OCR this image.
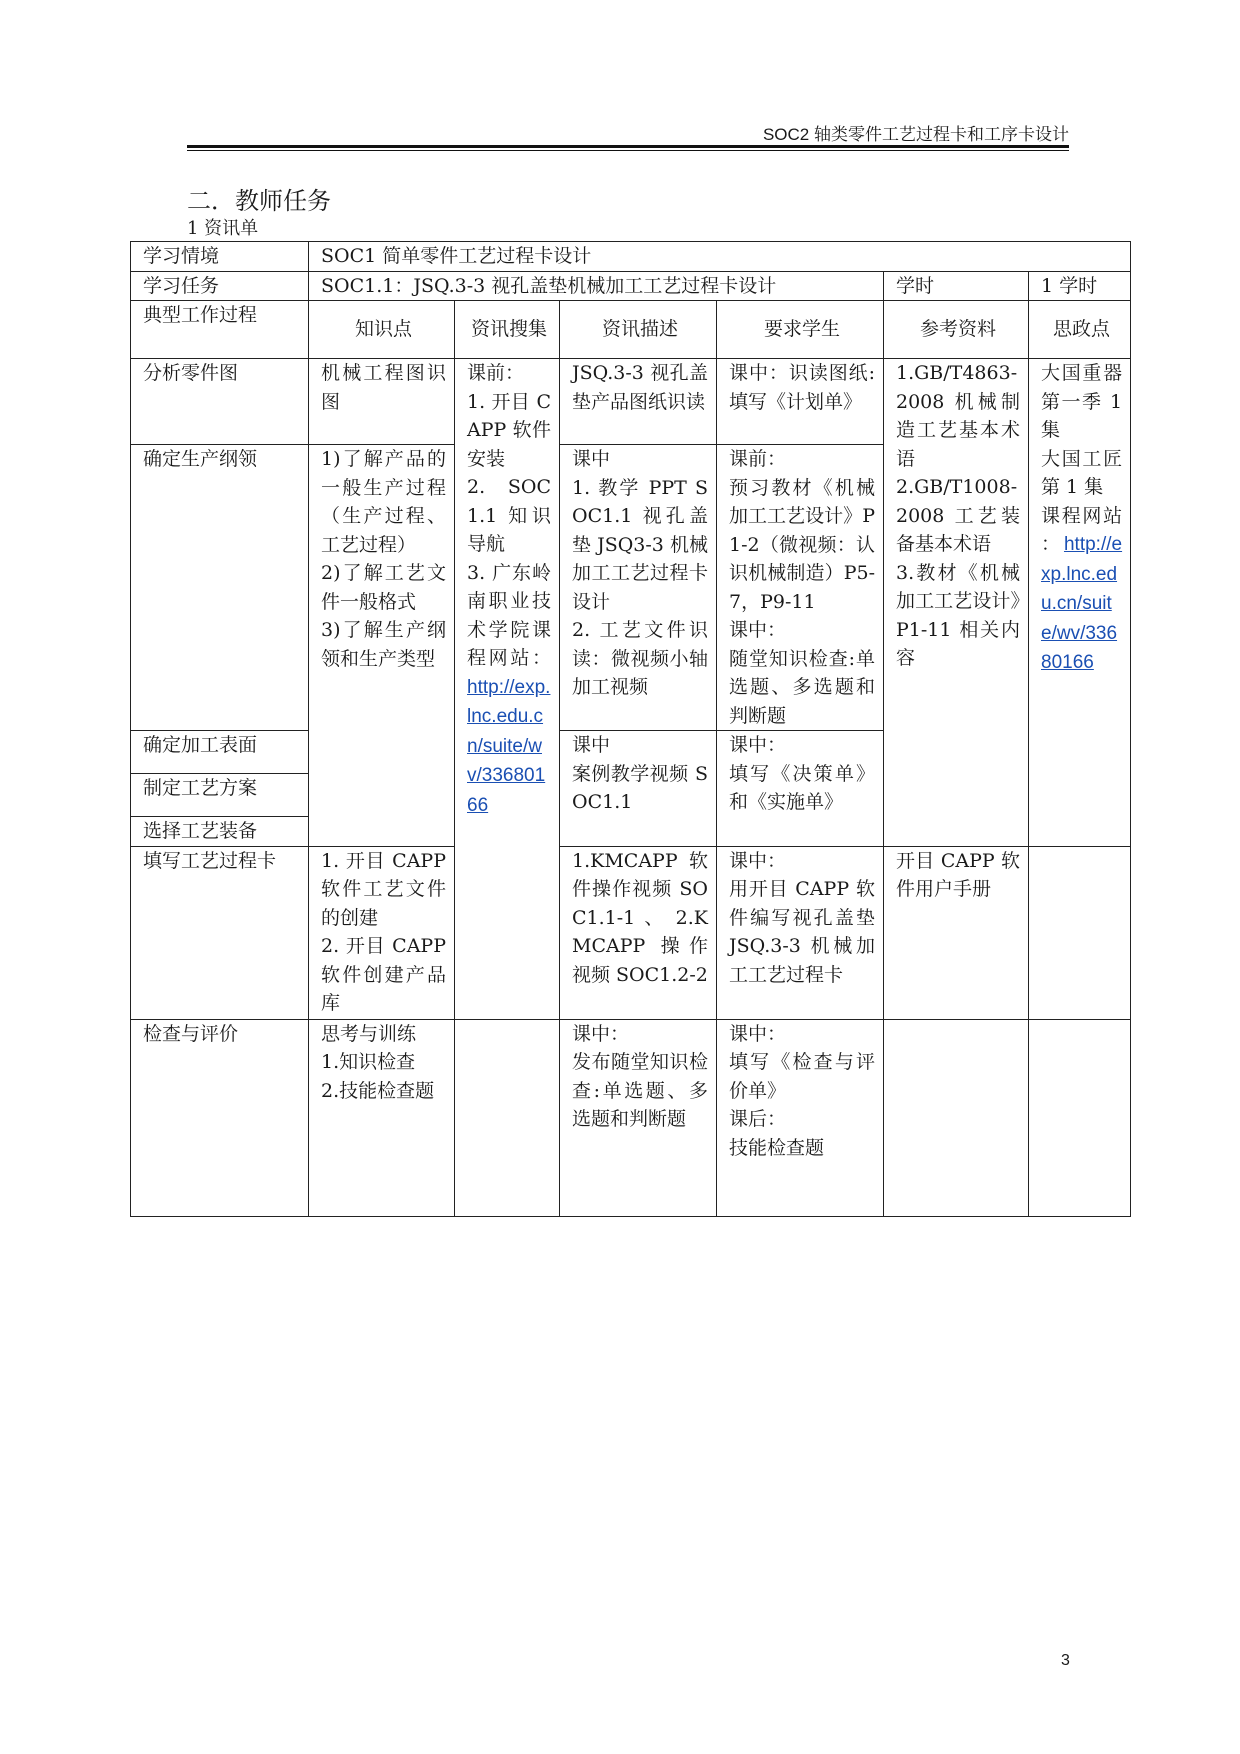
SOC2 轴类零件工艺过程卡和工序卡设计
二．教师任务
1 资讯单
学习情境	SOC1 简单零件工艺过程卡设计					
学习任务	SOC1.1：JSQ.3-3 视孔盖垫机械加工工艺过程卡设计				学时	1 学时
典型工作过程	知识点	资讯搜集	资讯描述	要求学生	参考资料	思政点
分析零件图	机械工程图识图	课前：
1. 开目 CAPP 软件安装
2. SOC1.1 知识导航
3. 广东岭南职业技术学院课程网站：http://exp.lnc.edu.cn/suite/wv/33680166	JSQ.3-3 视孔盖垫产品图纸识读	课中：识读图纸:填写《计划单》	1.GB/T4863-2008 机械制造工艺基本术语
2.GB/T1008-2008 工艺装备基本术语
3.教材《机械加工工艺设计》P1-11 相关内容	大国重器第一季 1 集
大国工匠第 1 集
课程网站 ：http://exp.lnc.edu.cn/suite/wv/33680166
确定生产纲领	1)了解产品的一般生产过程（生产过程、工艺过程）
2)了解工艺文件一般格式
3)了解生产纲领和生产类型		课中
1. 教学 PPT SOC1.1 视孔盖垫 JSQ3-3 机械加工工艺过程卡设计
2. 工艺文件识读：微视频小轴加工视频	课前：
预习教材《机械加工工艺设计》P1-2（微视频：认识机械制造）P5-7，P9-11
课中：
随堂知识检查:单选题、多选题和判断题		
确定加工表面			课中
案例教学视频 SOC1.1	课中：
填写《决策单》和《实施单》		
制定工艺方案						
选择工艺装备						
填写工艺过程卡	1. 开目 CAPP 软件工艺文件的创建
2. 开目 CAPP 软件创建产品库		1.KMCAPP 软件操作视频 SOC1.1-1 、 2.KMCAPP 操作视频 SOC1.2-2	课中：
用开目 CAPP 软件编写视孔盖垫 JSQ.3-3 机械加工工艺过程卡	开目 CAPP 软件用户手册	
检查与评价	思考与训练
1.知识检查
2.技能检查题		课中：
发布随堂知识检查:单选题、多选题和判断题	课中：
填写《检查与评价单》
课后：
技能检查题		
3
